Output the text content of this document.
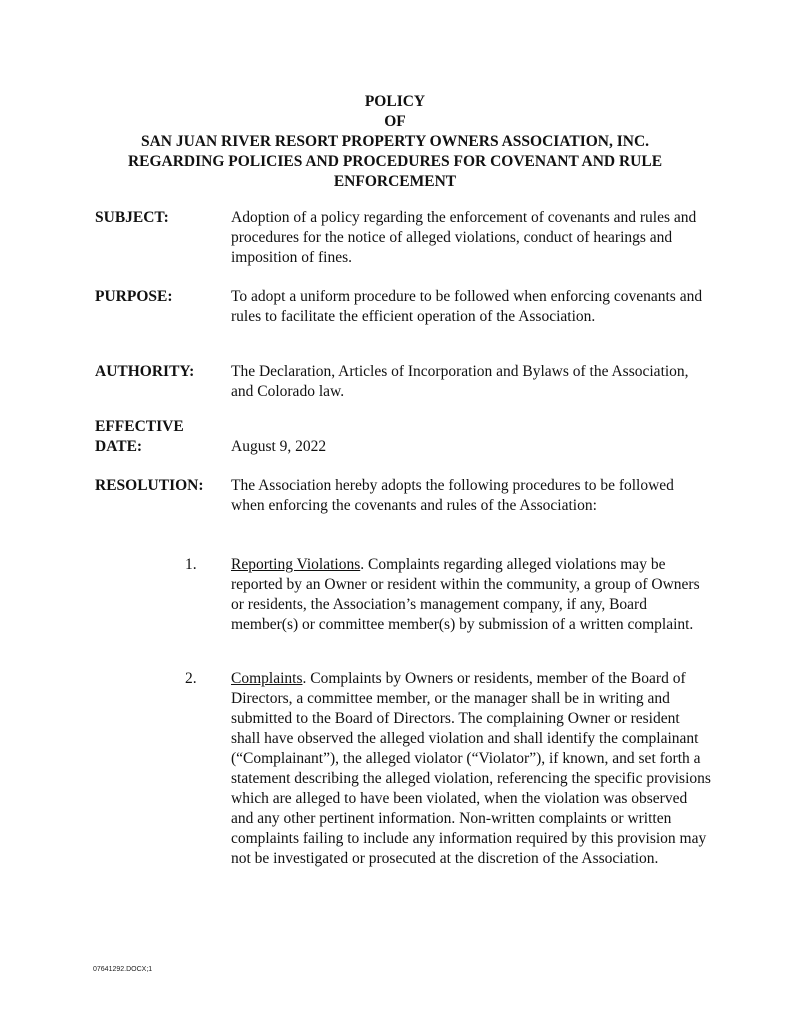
POLICY
OF
SAN JUAN RIVER RESORT PROPERTY OWNERS ASSOCIATION, INC.
REGARDING POLICIES AND PROCEDURES FOR COVENANT AND RULE
ENFORCEMENT
SUBJECT:	Adoption of a policy regarding the enforcement of covenants and rules and procedures for the notice of alleged violations, conduct of hearings and imposition of fines.
PURPOSE:	To adopt a uniform procedure to be followed when enforcing covenants and rules to facilitate the efficient operation of the Association.
AUTHORITY:	The Declaration, Articles of Incorporation and Bylaws of the Association, and Colorado law.
EFFECTIVE
DATE:	August 9, 2022
RESOLUTION:	The Association hereby adopts the following procedures to be followed when enforcing the covenants and rules of the Association:
1. Reporting Violations. Complaints regarding alleged violations may be reported by an Owner or resident within the community, a group of Owners or residents, the Association’s management company, if any, Board member(s) or committee member(s) by submission of a written complaint.
2. Complaints. Complaints by Owners or residents, member of the Board of Directors, a committee member, or the manager shall be in writing and submitted to the Board of Directors. The complaining Owner or resident shall have observed the alleged violation and shall identify the complainant (“Complainant”), the alleged violator (“Violator”), if known, and set forth a statement describing the alleged violation, referencing the specific provisions which are alleged to have been violated, when the violation was observed and any other pertinent information. Non-written complaints or written complaints failing to include any information required by this provision may not be investigated or prosecuted at the discretion of the Association.
07641292.DOCX;1
